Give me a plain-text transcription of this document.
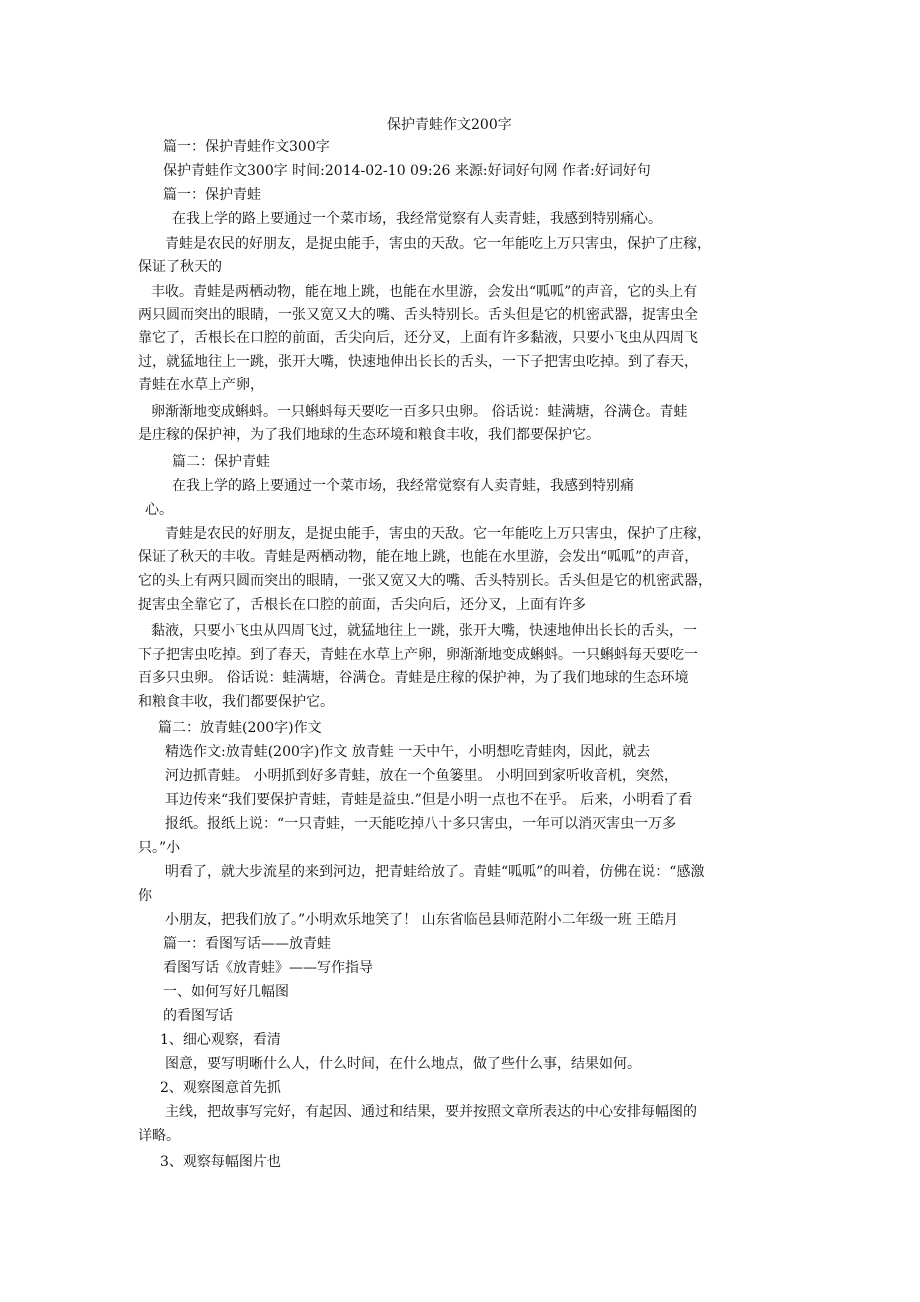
保护青蛙作文200字
篇一：保护青蛙作文300字
保护青蛙作文300字 时间:2014-02-10 09:26 来源:好词好句网 作者:好词好句
篇一：保护青蛙
在我上学的路上要通过一个菜市场，我经常觉察有人卖青蛙，我感到特别痛心。
青蛙是农民的好朋友，是捉虫能手，害虫的天敌。它一年能吃上万只害虫，保护了庄稼，
保证了秋天的
丰收。青蛙是两栖动物，能在地上跳，也能在水里游，会发出“呱呱”的声音，它的头上有
两只圆而突出的眼睛，一张又宽又大的嘴、舌头特别长。舌头但是它的机密武器，捉害虫全
靠它了，舌根长在口腔的前面，舌尖向后，还分叉，上面有许多黏液，只要小飞虫从四周飞
过，就猛地往上一跳，张开大嘴，快速地伸出长长的舌头，一下子把害虫吃掉。到了春天，
青蛙在水草上产卵，
卵渐渐地变成蝌蚪。一只蝌蚪每天要吃一百多只虫卵。 俗话说：蛙满塘，谷满仓。青蛙
是庄稼的保护神，为了我们地球的生态环境和粮食丰收，我们都要保护它。
篇二：保护青蛙
在我上学的路上要通过一个菜市场，我经常觉察有人卖青蛙，我感到特别痛
心。
青蛙是农民的好朋友，是捉虫能手，害虫的天敌。它一年能吃上万只害虫，保护了庄稼，
保证了秋天的丰收。青蛙是两栖动物，能在地上跳，也能在水里游，会发出“呱呱”的声音，
它的头上有两只圆而突出的眼睛，一张又宽又大的嘴、舌头特别长。舌头但是它的机密武器，
捉害虫全靠它了，舌根长在口腔的前面，舌尖向后，还分叉，上面有许多
黏液，只要小飞虫从四周飞过，就猛地往上一跳，张开大嘴，快速地伸出长长的舌头，一
下子把害虫吃掉。到了春天，青蛙在水草上产卵，卵渐渐地变成蝌蚪。一只蝌蚪每天要吃一
百多只虫卵。 俗话说：蛙满塘，谷满仓。青蛙是庄稼的保护神，为了我们地球的生态环境
和粮食丰收，我们都要保护它。
篇二：放青蛙(200字)作文
精选作文:放青蛙(200字)作文 放青蛙 一天中午，小明想吃青蛙肉，因此，就去
河边抓青蛙。 小明抓到好多青蛙，放在一个鱼篓里。 小明回到家听收音机，突然，
耳边传来“我们要保护青蛙，青蛙是益虫.”但是小明一点也不在乎。 后来，小明看了看
报纸。报纸上说：“一只青蛙，一天能吃掉八十多只害虫，一年可以消灭害虫一万多
只。”小
明看了，就大步流星的来到河边，把青蛙给放了。青蛙“呱呱”的叫着，仿佛在说：“感激
你
小朋友，把我们放了。”小明欢乐地笑了！ 山东省临邑县师范附小二年级一班 王皓月
篇一：看图写话——放青蛙
看图写话《放青蛙》——写作指导
一、如何写好几幅图
的看图写话
1、细心观察，看清
图意，要写明晰什么人，什么时间，在什么地点，做了些什么事，结果如何。
2、观察图意首先抓
主线，把故事写完好，有起因、通过和结果，要并按照文章所表达的中心安排每幅图的
详略。
3、观察每幅图片也
